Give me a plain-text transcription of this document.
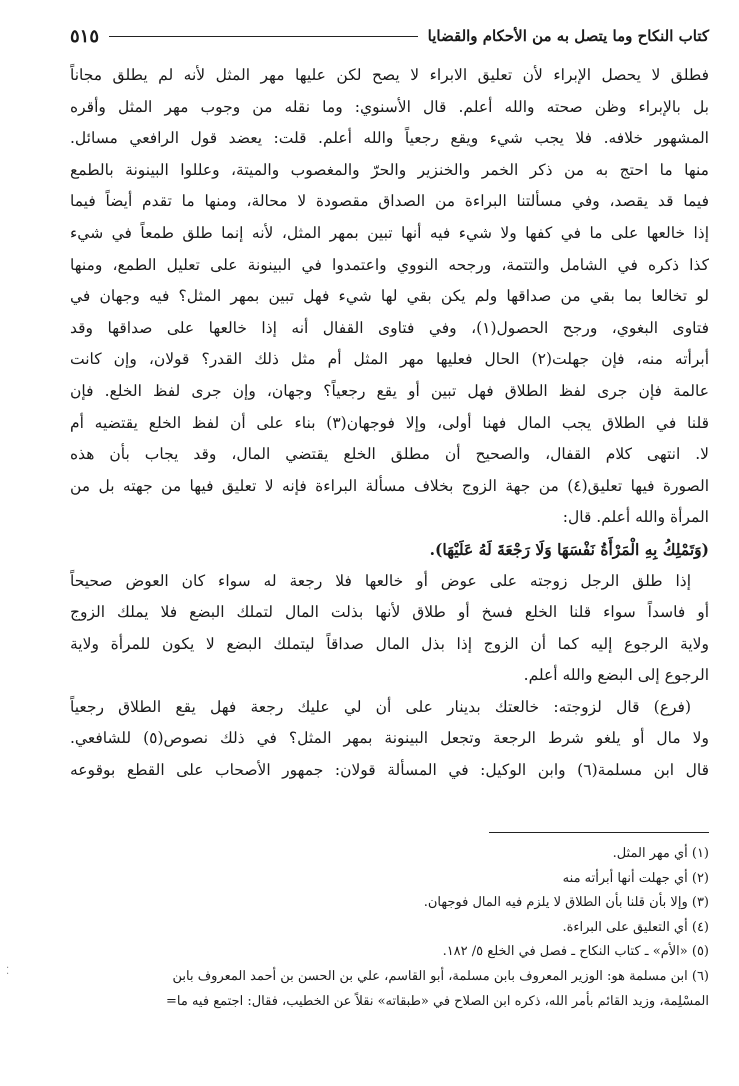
كتاب النكاح وما يتصل به من الأحكام والقضايا
٥١٥
فطلق لا يحصل الإبراء لأن تعليق الابراء لا يصح لكن عليها مهر المثل لأنه لم يطلق مجاناً
بل بالإبراء وظن صحته والله أعلم. قال الأسنوي: وما نقله من وجوب مهر المثل وأقره
المشهور خلافه. فلا يجب شيء ويقع رجعياً والله أعلم. قلت: يعضد قول الرافعي مسائل.
منها ما احتج به من ذكر الخمر والخنزير والحرّ والمغصوب والميتة، وعللوا البينونة بالطمع
فيما قد يقصد، وفي مسألتنا البراءة من الصداق مقصودة لا محالة، ومنها ما تقدم أيضاً فيما
إذا خالعها على ما في كفها ولا شيء فيه أنها تبين بمهر المثل، لأنه إنما طلق طمعاً في شيء
كذا ذكره في الشامل والتتمة، ورجحه النووي واعتمدوا في البينونة على تعليل الطمع، ومنها
لو تخالعا بما بقي من صداقها ولم يكن بقي لها شيء فهل تبين بمهر المثل؟ فيه وجهان في
فتاوى البغوي، ورجح الحصول(١)، وفي فتاوى القفال أنه إذا خالعها على صداقها وقد
أبرأته منه، فإن جهلت(٢) الحال فعليها مهر المثل أم مثل ذلك القدر؟ قولان، وإن كانت
عالمة فإن جرى لفظ الطلاق فهل تبين أو يقع رجعياً؟ وجهان، وإن جرى لفظ الخلع. فإن
قلنا في الطلاق يجب المال فهنا أولى، وإلا فوجهان(٣) بناء على أن لفظ الخلع يقتضيه أم
لا. انتهى كلام القفال، والصحيح أن مطلق الخلع يقتضي المال، وقد يجاب بأن هذه
الصورة فيها تعليق(٤) من جهة الزوج بخلاف مسألة البراءة فإنه لا تعليق فيها من جهته بل من
المرأة والله أعلم. قال:
(وَتَمْلِكُ بِهِ الْمَرْأَةُ نَفْسَهَا وَلَا رَجْعَةَ لَهُ عَلَيْهَا).
إذا طلق الرجل زوجته على عوض أو خالعها فلا رجعة له سواء كان العوض صحيحاً
أو فاسداً سواء قلنا الخلع فسخ أو طلاق لأنها بذلت المال لتملك البضع فلا يملك الزوج
ولاية الرجوع إليه كما أن الزوج إذا بذل المال صداقاً ليتملك البضع لا يكون للمرأة ولاية
الرجوع إلى البضع والله أعلم.
(فرع) قال لزوجته: خالعتك بدينار على أن لي عليك رجعة فهل يقع الطلاق رجعياً
ولا مال أو يلغو شرط الرجعة وتجعل البينونة بمهر المثل؟ في ذلك نصوص(٥) للشافعي.
قال ابن مسلمة(٦) وابن الوكيل: في المسألة قولان: جمهور الأصحاب على القطع بوقوعه
(١) أي مهر المثل.
(٢) أي جهلت أنها أبرأته منه
(٣) وإلا بأن قلنا بأن الطلاق لا يلزم فيه المال فوجهان.
(٤) أي التعليق على البراءة.
(٥) «الأم» ـ كتاب النكاح ـ فصل في الخلع ٥/ ١٨٢.
(٦) ابن مسلمة هو: الوزير المعروف بابن مسلمة، أبو القاسم، علي بن الحسن بن أحمد المعروف بابن
المسْلِمة، وزيد القائم بأمر الله، ذكره ابن الصلاح في «طبقاته» نقلاً عن الخطيب، فقال: اجتمع فيه ما=
⁚
